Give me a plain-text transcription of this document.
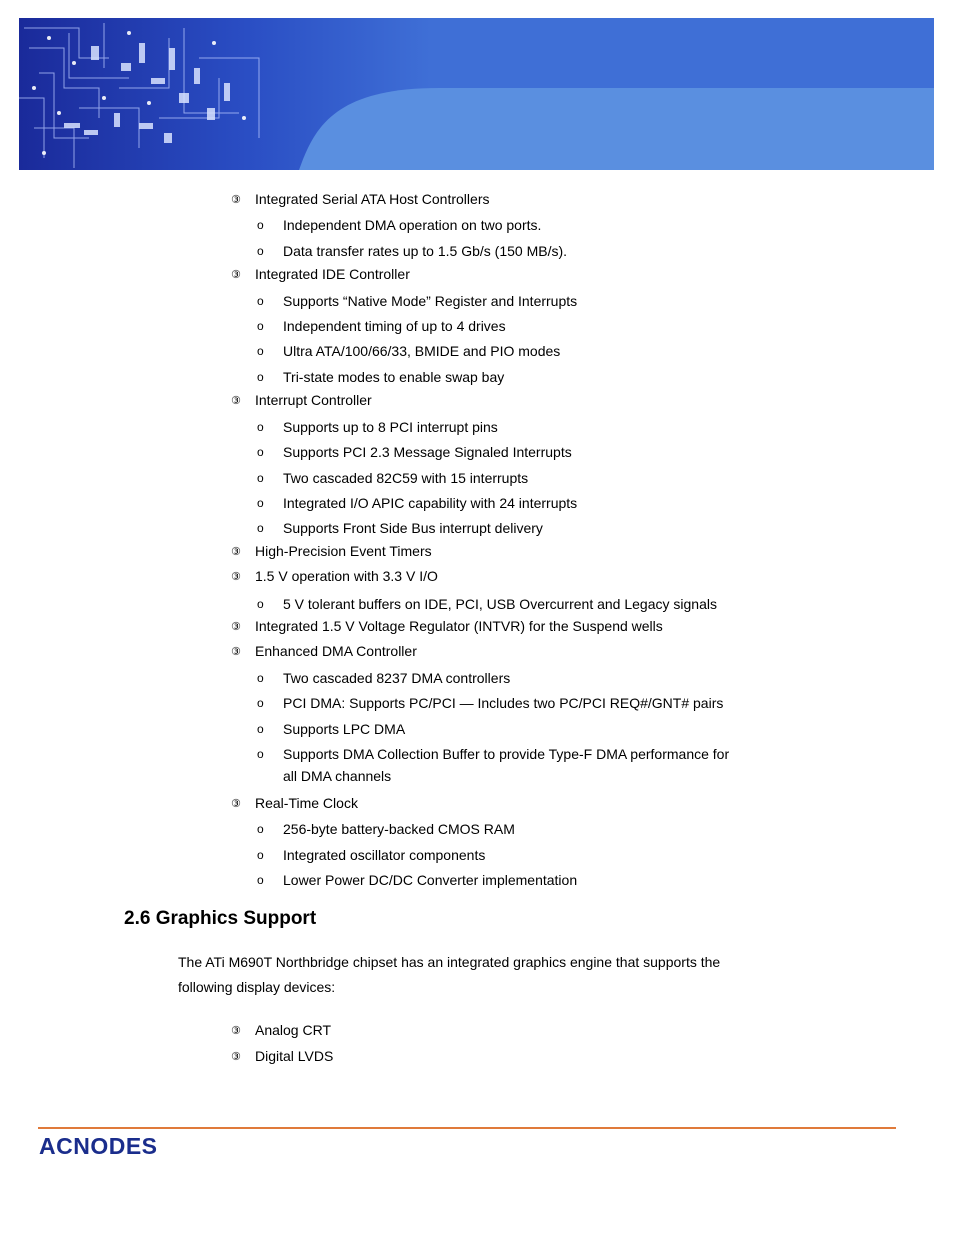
③ Integrated Serial ATA Host Controllers
o Independent DMA operation on two ports.
o Data transfer rates up to 1.5 Gb/s (150 MB/s).
③ Integrated IDE Controller
o Supports “Native Mode” Register and Interrupts
o Independent timing of up to 4 drives
o Ultra ATA/100/66/33, BMIDE and PIO modes
o Tri-state modes to enable swap bay
③ Interrupt Controller
o Supports up to 8 PCI interrupt pins
o Supports PCI 2.3 Message Signaled Interrupts
o Two cascaded 82C59 with 15 interrupts
o Integrated I/O APIC capability with 24 interrupts
o Supports Front Side Bus interrupt delivery
③ High-Precision Event Timers
③ 1.5 V operation with 3.3 V I/O
o 5 V tolerant buffers on IDE, PCI, USB Overcurrent and Legacy signals
③ Integrated 1.5 V Voltage Regulator (INTVR) for the Suspend wells
③ Enhanced DMA Controller
o Two cascaded 8237 DMA controllers
o PCI DMA: Supports PC/PCI — Includes two PC/PCI REQ#/GNT# pairs
o Supports LPC DMA
o Supports DMA Collection Buffer to provide Type-F DMA performance for
all DMA channels
③ Real-Time Clock
o 256-byte battery-backed CMOS RAM
o Integrated oscillator components
o Lower Power DC/DC Converter implementation
2.6 Graphics Support
The ATi M690T Northbridge chipset has an integrated graphics engine that supports the
following display devices:
③ Analog CRT
③ Digital LVDS
ACNODES
